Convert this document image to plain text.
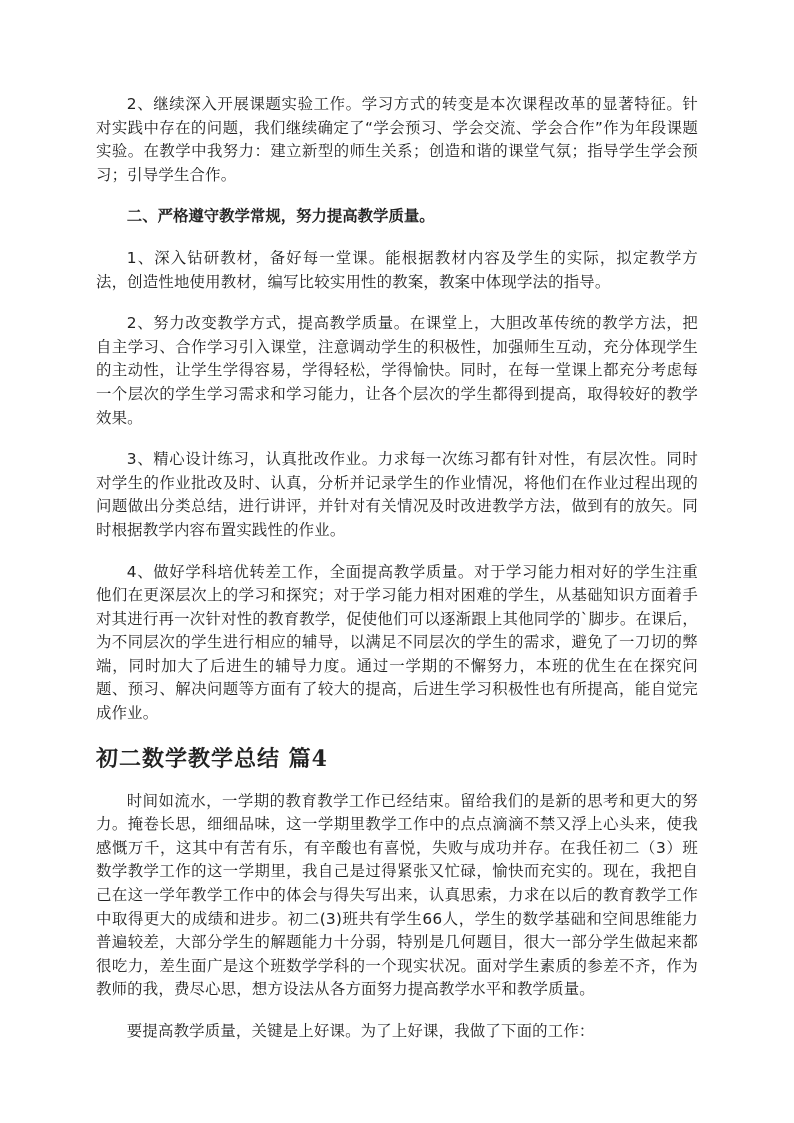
2、继续深入开展课题实验工作。学习方式的转变是本次课程改革的显著特征。针对实践中存在的问题，我们继续确定了“学会预习、学会交流、学会合作”作为年段课题实验。在教学中我努力：建立新型的师生关系；创造和谐的课堂气氛；指导学生学会预习；引导学生合作。

二、严格遵守教学常规，努力提高教学质量。

1、深入钻研教材，备好每一堂课。能根据教材内容及学生的实际，拟定教学方法，创造性地使用教材，编写比较实用性的教案，教案中体现学法的指导。

2、努力改变教学方式，提高教学质量。在课堂上，大胆改革传统的教学方法，把自主学习、合作学习引入课堂，注意调动学生的积极性，加强师生互动，充分体现学生的主动性，让学生学得容易，学得轻松，学得愉快。同时，在每一堂课上都充分考虑每一个层次的学生学习需求和学习能力，让各个层次的学生都得到提高，取得较好的教学效果。

3、精心设计练习，认真批改作业。力求每一次练习都有针对性，有层次性。同时对学生的作业批改及时、认真，分析并记录学生的作业情况，将他们在作业过程出现的问题做出分类总结，进行讲评，并针对有关情况及时改进教学方法，做到有的放矢。同时根据教学内容布置实践性的作业。

4、做好学科培优转差工作，全面提高教学质量。对于学习能力相对好的学生注重他们在更深层次上的学习和探究；对于学习能力相对困难的学生，从基础知识方面着手对其进行再一次针对性的教育教学，促使他们可以逐渐跟上其他同学的`脚步。在课后，为不同层次的学生进行相应的辅导，以满足不同层次的学生的需求，避免了一刀切的弊端，同时加大了后进生的辅导力度。通过一学期的不懈努力，本班的优生在在探究问题、预习、解决问题等方面有了较大的提高，后进生学习积极性也有所提高，能自觉完成作业。

初二数学教学总结 篇4

时间如流水，一学期的教育教学工作已经结束。留给我们的是新的思考和更大的努力。掩卷长思，细细品味，这一学期里教学工作中的点点滴滴不禁又浮上心头来，使我感慨万千，这其中有苦有乐，有辛酸也有喜悦，失败与成功并存。在我任初二（3）班数学教学工作的这一学期里，我自己是过得紧张又忙碌，愉快而充实的。现在，我把自己在这一学年教学工作中的体会与得失写出来，认真思索，力求在以后的教育教学工作中取得更大的成绩和进步。初二(3)班共有学生66人，学生的数学基础和空间思维能力普遍较差，大部分学生的解题能力十分弱，特别是几何题目，很大一部分学生做起来都很吃力，差生面广是这个班数学学科的一个现实状况。面对学生素质的参差不齐，作为教师的我，费尽心思，想方设法从各方面努力提高教学水平和教学质量。

要提高教学质量，关键是上好课。为了上好课，我做了下面的工作：
